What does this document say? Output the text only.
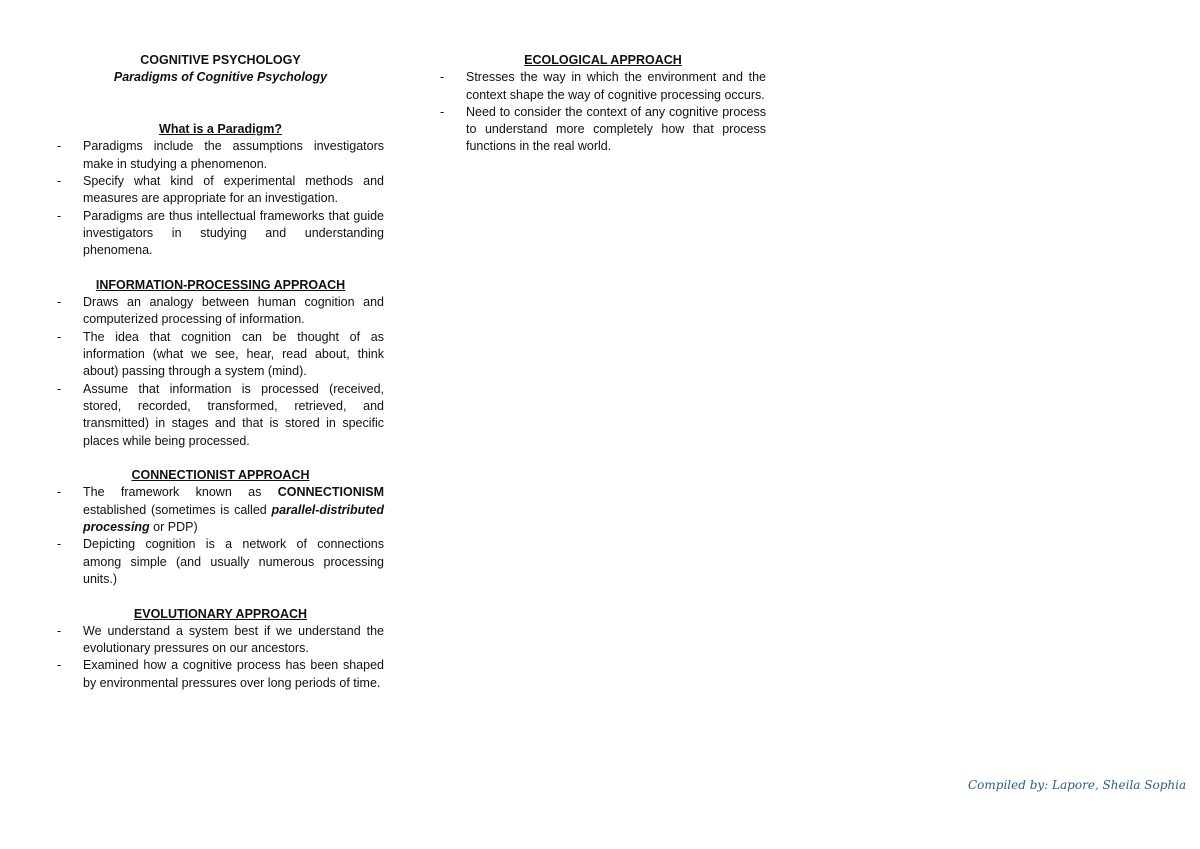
COGNITIVE PSYCHOLOGY

Paradigms of Cognitive Psychology

What is a Paradigm?

- Paradigms include the assumptions investigators make in studying a phenomenon.
- Specify what kind of experimental methods and measures are appropriate for an investigation.
- Paradigms are thus intellectual frameworks that guide investigators in studying and understanding phenomena.

INFORMATION-PROCESSING APPROACH

- Draws an analogy between human cognition and computerized processing of information.
- The idea that cognition can be thought of as information (what we see, hear, read about, think about) passing through a system (mind).
- Assume that information is processed (received, stored, recorded, transformed, retrieved, and transmitted) in stages and that is stored in specific places while being processed.

CONNECTIONIST APPROACH

- The framework known as CONNECTIONISM established (sometimes is called parallel-distributed processing or PDP)
- Depicting cognition is a network of connections among simple (and usually numerous processing units.)

EVOLUTIONARY APPROACH

- We understand a system best if we understand the evolutionary pressures on our ancestors.
- Examined how a cognitive process has been shaped by environmental pressures over long periods of time.

ECOLOGICAL APPROACH

- Stresses the way in which the environment and the context shape the way of cognitive processing occurs.
- Need to consider the context of any cognitive process to understand more completely how that process functions in the real world.
Compiled by: Lapore, Sheila Sophia
